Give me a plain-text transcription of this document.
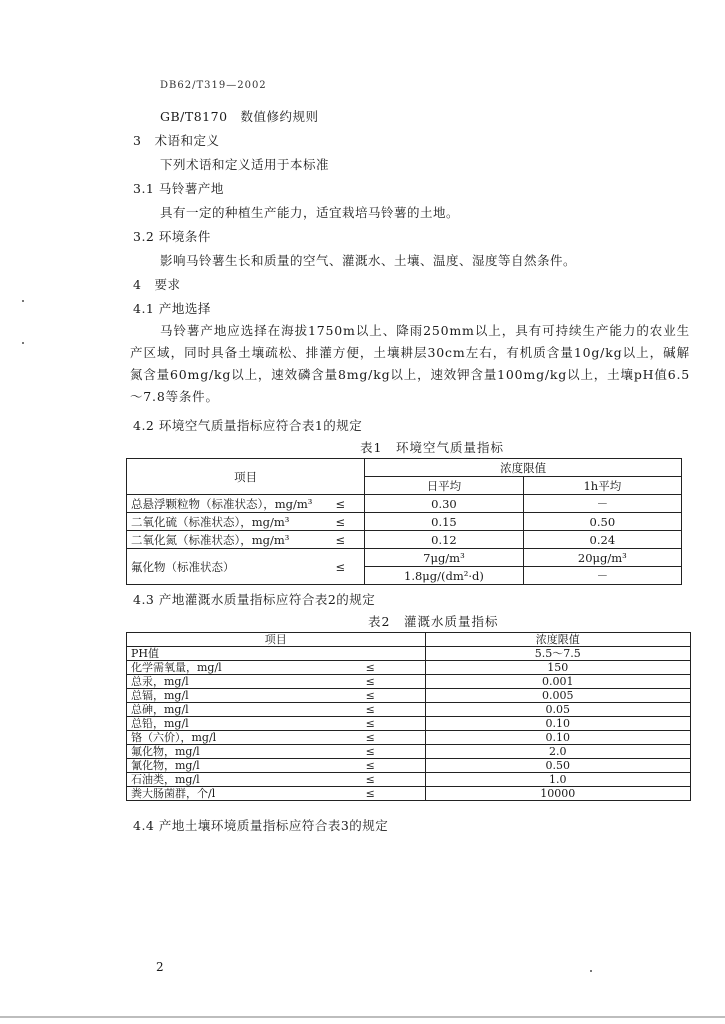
DB62/T319—2002
GB/T8170　数值修约规则
3　术语和定义
下列术语和定义适用于本标准
3.1 马铃薯产地
具有一定的种植生产能力，适宜栽培马铃薯的土地。
3.2 环境条件
影响马铃薯生长和质量的空气、灌溉水、土壤、温度、湿度等自然条件。
4　要求
4.1 产地选择
马铃薯产地应选择在海拔1750m以上、降雨250mm以上，具有可持续生产能力的农业生产区域，同时具备土壤疏松、排灌方便，土壤耕层30cm左右，有机质含量10g/kg以上，碱解氮含量60mg/kg以上，速效磷含量8mg/kg以上，速效钾含量100mg/kg以上，土壤pH值6.5～7.8等条件。
4.2 环境空气质量指标应符合表1的规定
表1　环境空气质量指标
项目		浓度限值	
		日平均	1h平均
总悬浮颗粒物（标准状态），mg/m³	≤	0.30	－
二氧化硫（标准状态），mg/m³	≤	0.15	0.50
二氧化氮（标准状态），mg/m³	≤	0.12	0.24
氟化物（标准状态）	≤	7μg/m³	20μg/m³
		1.8μg/(dm²·d)	－
4.3 产地灌溉水质量指标应符合表2的规定
表2　灌溉水质量指标
项目		浓度限值
PH值		5.5～7.5
化学需氧量，mg/l	≤	150
总汞，mg/l	≤	0.001
总镉，mg/l	≤	0.005
总砷，mg/l	≤	0.05
总铅，mg/l	≤	0.10
铬（六价），mg/l	≤	0.10
氟化物，mg/l	≤	2.0
氰化物，mg/l	≤	0.50
石油类，mg/l	≤	1.0
粪大肠菌群，个/l	≤	10000
4.4 产地土壤环境质量指标应符合表3的规定
2
